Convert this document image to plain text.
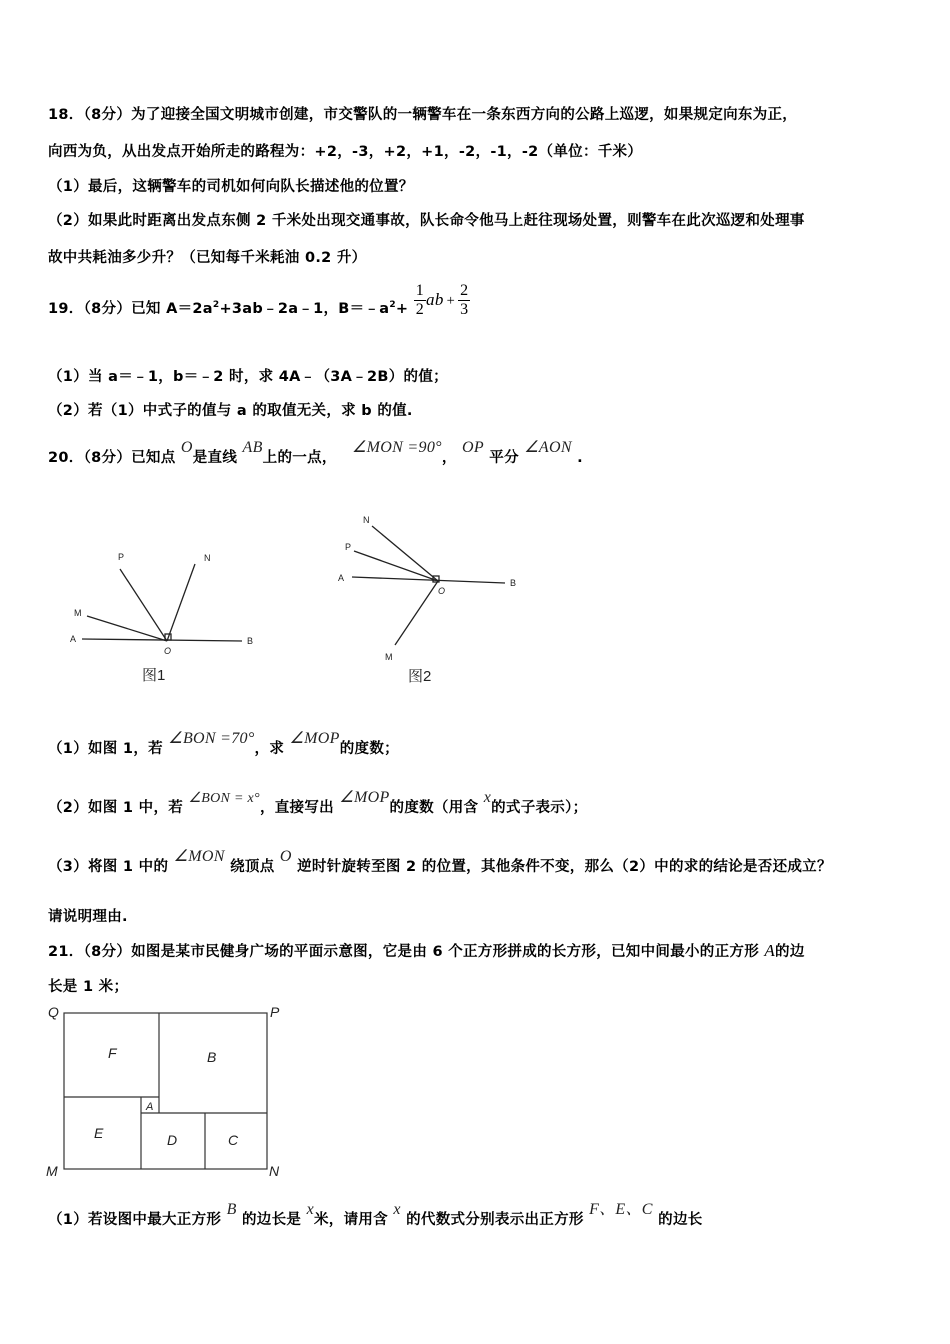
18．（8分）为了迎接全国文明城市创建，市交警队的一辆警车在一条东西方向的公路上巡逻，如果规定向东为正，
向西为负，从出发点开始所走的路程为：+2，-3，+2，+1，-2，-1，-2（单位：千米）
（1）最后，这辆警车的司机如何向队长描述他的位置？
（2）如果此时距离出发点东侧 2 千米处出现交通事故，队长命令他马上赶往现场处置，则警车在此次巡逻和处理事
故中共耗油多少升？（已知每千米耗油 0.2 升）
19．（8分）已知 $A=2a^2+3ab﹣2a﹣1$，$B=﹣a^2+ \frac{1}{2}$ ab + $\frac{2}{3}$
（1）当 a＝﹣1，b＝﹣2 时，求 4A﹣（3A﹣2B）的值；
（2）若（1）中式子的值与 a 的取值无关，求 b 的值.
20．（8分）已知点 O是直线 AB上的一点， ∠MON =90°， OP 平分 ∠AON .
P	N
M
A	B
O
图1
N
P
A	B
O
M
图2
（1）如图 1，若 ∠BON =70°，求 ∠MOP的度数；
（2）如图 1 中，若 ∠BON = x°，直接写出 ∠MOP的度数（用含 x的式子表示）；
（3）将图 1 中的 ∠MON 绕顶点 O 逆时针旋转至图 2 的位置，其他条件不变，那么（2）中的求的结论是否还成立？
请说明理由.
21．（8分）如图是某市民健身广场的平面示意图，它是由 6 个正方形拼成的长方形，已知中间最小的正方形 A的边
长是 1 米；
Q	P
M	N
F	B
A
E	D	C
（1）若设图中最大正方形 B 的边长是 x米，请用含 x 的代数式分别表示出正方形 F、E、C 的边长
